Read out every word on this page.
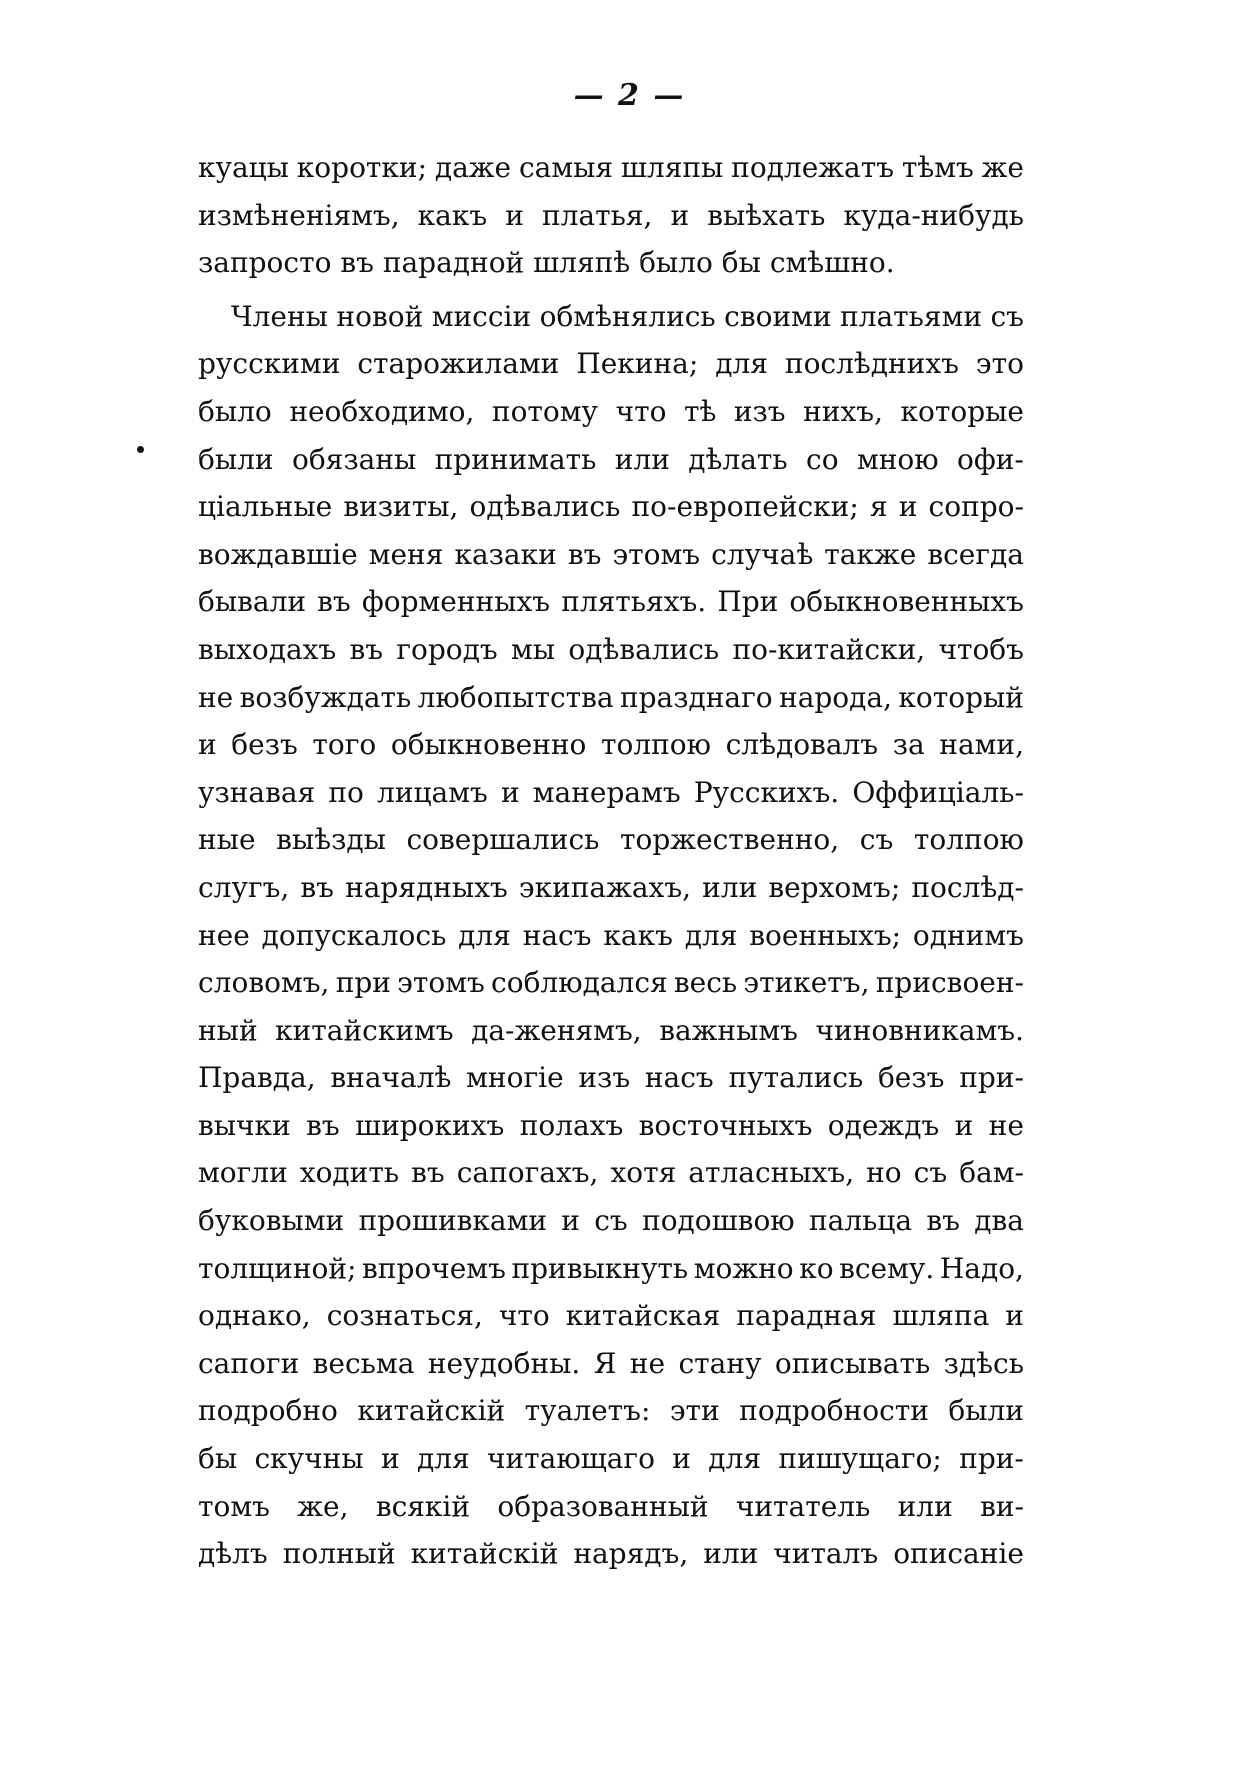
— 2 —
куацы коротки; даже самыя шляпы подлежатъ тѣмъ же
измѣненіямъ, какъ и платья, и выѣхать куда-нибудь
запросто
въ
парадной
шляпѣ
было
бы
смѣшно.
Члены новой миссіи обмѣнялись своими платьями съ
русскими старожилами Пекина; для послѣднихъ это
было необходимо, потому что тѣ изъ нихъ, которые
были обязаны принимать или дѣлать со мною офи-
ціальные визиты, одѣвались по-европейски; я и сопро-
вождавшіе меня казаки въ этомъ случаѣ также всегда
бывали въ форменныхъ плятьяхъ. При обыкновенныхъ
выходахъ въ городъ мы одѣвались по-китайски, чтобъ
не возбуждать любопытства празднаго народа, который
и безъ того обыкновенно толпою слѣдовалъ за нами,
узнавая по лицамъ и манерамъ Русскихъ. Оффиціаль-
ные выѣзды совершались торжественно, съ толпою
слугъ, въ нарядныхъ экипажахъ, или верхомъ; послѣд-
нее допускалось для насъ какъ для военныхъ; однимъ
словомъ, при этомъ соблюдался весь этикетъ, присвоен-
ный китайскимъ да-женямъ, важнымъ чиновникамъ.
Правда, вначалѣ многіе изъ насъ путались безъ при-
вычки въ широкихъ полахъ восточныхъ одеждъ и не
могли ходить въ сапогахъ, хотя атласныхъ, но съ бам-
буковыми прошивками и съ подошвою пальца въ два
толщиной; впрочемъ привыкнуть можно ко всему. Надо,
однако, сознаться, что китайская парадная шляпа и
сапоги весьма неудобны. Я не стану описывать здѣсь
подробно китайскій туалетъ: эти подробности были
бы скучны и для читающаго и для пишущаго; при-
томъ же, всякій образованный читатель или ви-
дѣлъ полный китайскій нарядъ, или читалъ описаніе
